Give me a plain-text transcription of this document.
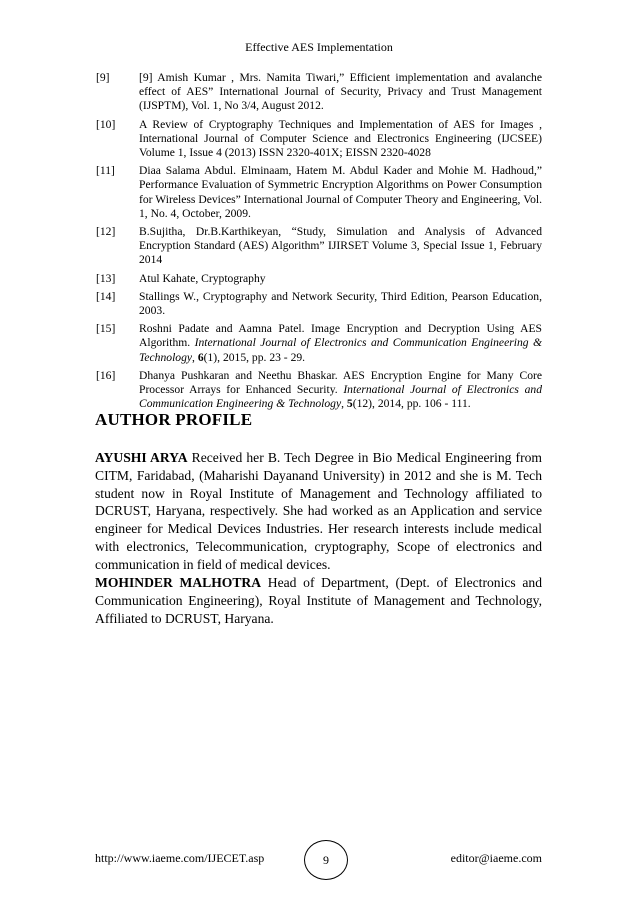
Effective AES Implementation
[9]	[9] Amish Kumar , Mrs. Namita Tiwari,” Efficient implementation and avalanche effect of AES” International Journal of Security, Privacy and Trust Management (IJSPTM), Vol. 1, No 3/4, August 2012.
[10]	A Review of Cryptography Techniques and Implementation of AES for Images , International Journal of Computer Science and Electronics Engineering (IJCSEE) Volume 1, Issue 4 (2013) ISSN 2320-401X; EISSN 2320-4028
[11]	Diaa Salama Abdul. Elminaam, Hatem M. Abdul Kader and Mohie M. Hadhoud,” Performance Evaluation of Symmetric Encryption Algorithms on Power Consumption for Wireless Devices” International Journal of Computer Theory and Engineering, Vol. 1, No. 4, October, 2009.
[12]	B.Sujitha, Dr.B.Karthikeyan, “Study, Simulation and Analysis of Advanced Encryption Standard (AES) Algorithm” IJIRSET Volume 3, Special Issue 1, February 2014
[13]	Atul Kahate, Cryptography
[14]	Stallings W., Cryptography and Network Security, Third Edition, Pearson Education, 2003.
[15]	Roshni Padate and Aamna Patel. Image Encryption and Decryption Using AES Algorithm. International Journal of Electronics and Communication Engineering & Technology, 6(1), 2015, pp. 23 - 29.
[16]	Dhanya Pushkaran and Neethu Bhaskar. AES Encryption Engine for Many Core Processor Arrays for Enhanced Security. International Journal of Electronics and Communication Engineering & Technology, 5(12), 2014, pp. 106 - 111.
AUTHOR PROFILE
AYUSHI ARYA Received her B. Tech Degree in Bio Medical Engineering from CITM, Faridabad, (Maharishi Dayanand University) in 2012 and she is M. Tech student now in Royal Institute of Management and Technology affiliated to DCRUST, Haryana, respectively. She had worked as an Application and service engineer for Medical Devices Industries. Her research interests include medical with electronics, Telecommunication, cryptography, Scope of electronics and communication in field of medical devices.
MOHINDER MALHOTRA Head of Department, (Dept. of Electronics and Communication Engineering), Royal Institute of Management and Technology, Affiliated to DCRUST, Haryana.
http://www.iaeme.com/IJECET.asp	9	editor@iaeme.com
